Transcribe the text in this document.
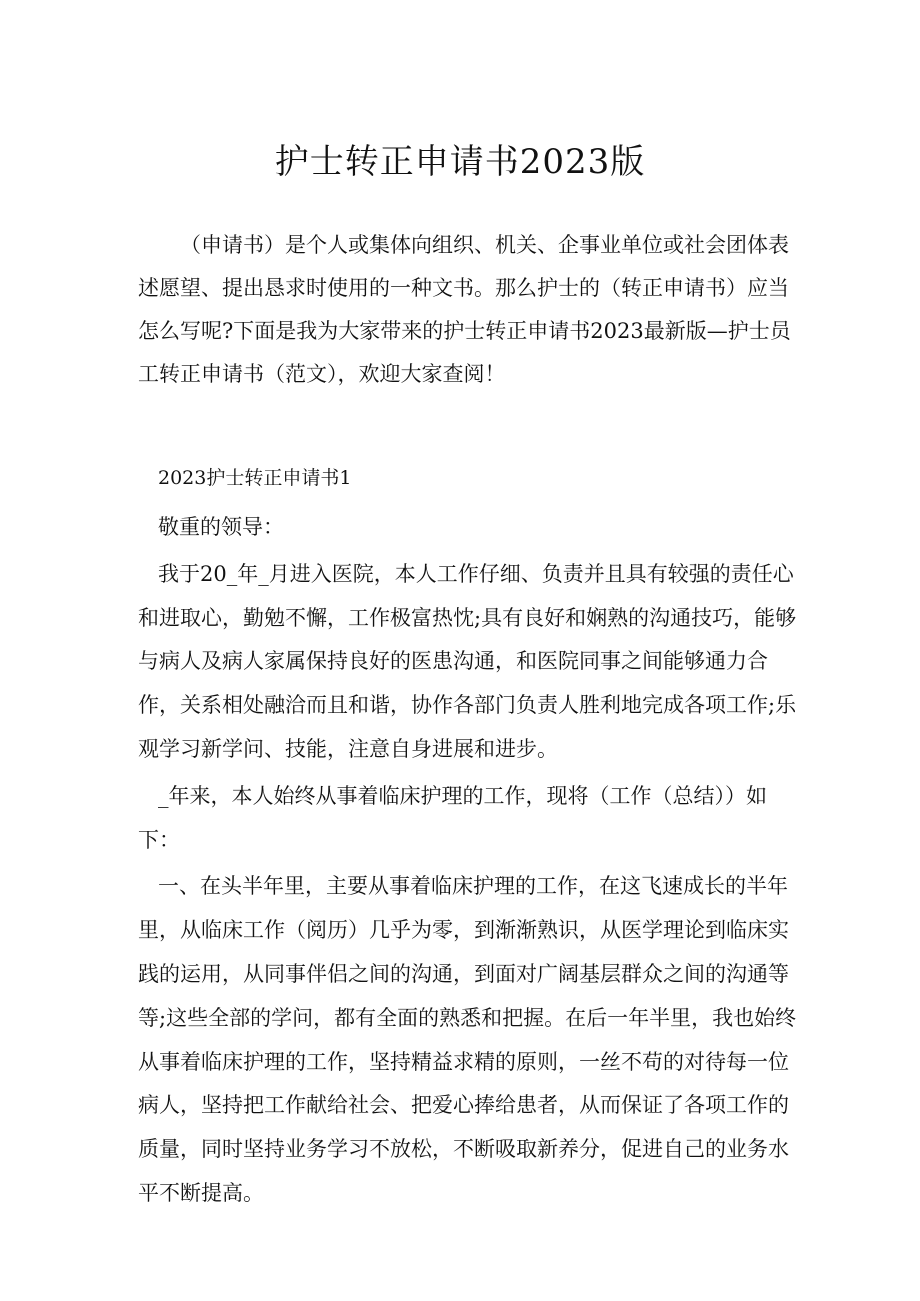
护士转正申请书2023版

（申请书）是个人或集体向组织、机关、企事业单位或社会团体表述愿望、提出恳求时使用的一种文书。那么护士的（转正申请书）应当怎么写呢?下面是我为大家带来的护士转正申请书2023最新版—护士员工转正申请书（范文），欢迎大家查阅！

2023护士转正申请书1

敬重的领导：

我于20_年_月进入医院，本人工作仔细、负责并且具有较强的责任心和进取心，勤勉不懈，工作极富热忱;具有良好和娴熟的沟通技巧，能够与病人及病人家属保持良好的医患沟通，和医院同事之间能够通力合作，关系相处融洽而且和谐，协作各部门负责人胜利地完成各项工作;乐观学习新学问、技能，注意自身进展和进步。

_年来，本人始终从事着临床护理的工作，现将（工作（总结））如下：

一、在头半年里，主要从事着临床护理的工作，在这飞速成长的半年里，从临床工作（阅历）几乎为零，到渐渐熟识，从医学理论到临床实践的运用，从同事伴侣之间的沟通，到面对广阔基层群众之间的沟通等等;这些全部的学问，都有全面的熟悉和把握。在后一年半里，我也始终从事着临床护理的工作，坚持精益求精的原则，一丝不苟的对待每一位病人，坚持把工作献给社会、把爱心捧给患者，从而保证了各项工作的质量，同时坚持业务学习不放松，不断吸取新养分，促进自己的业务水平不断提高。
